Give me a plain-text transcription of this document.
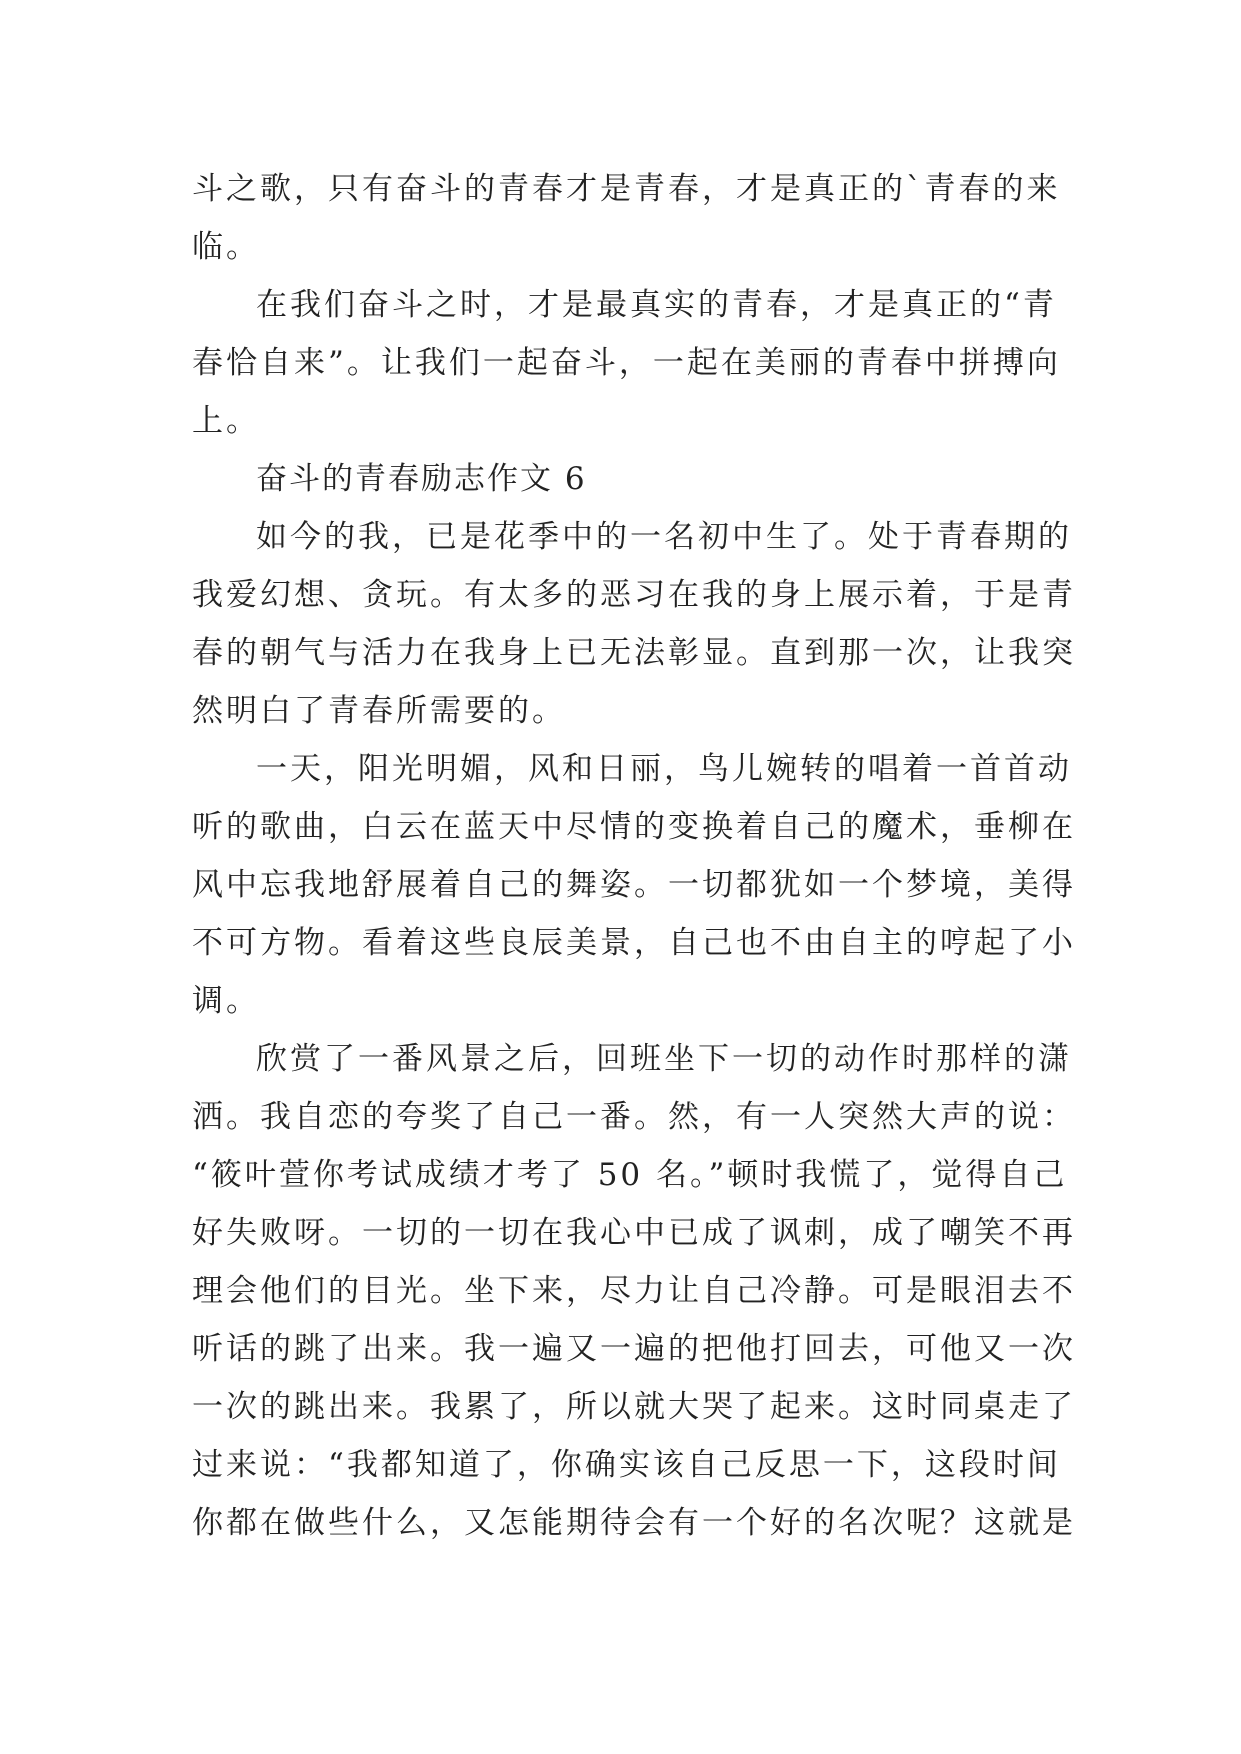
斗之歌，只有奋斗的青春才是青春，才是真正的`青春的来
临。
在我们奋斗之时，才是最真实的青春，才是真正的“青
春恰自来”。让我们一起奋斗，一起在美丽的青春中拼搏向
上。
奋斗的青春励志作文 6
如今的我，已是花季中的一名初中生了。处于青春期的
我爱幻想、贪玩。有太多的恶习在我的身上展示着，于是青
春的朝气与活力在我身上已无法彰显。直到那一次，让我突
然明白了青春所需要的。
一天，阳光明媚，风和日丽，鸟儿婉转的唱着一首首动
听的歌曲，白云在蓝天中尽情的变换着自己的魔术，垂柳在
风中忘我地舒展着自己的舞姿。一切都犹如一个梦境，美得
不可方物。看着这些良辰美景，自己也不由自主的哼起了小
调。
欣赏了一番风景之后，回班坐下一切的动作时那样的潇
洒。我自恋的夸奖了自己一番。然，有一人突然大声的说：
“筱叶萱你考试成绩才考了 50 名。”顿时我慌了，觉得自己
好失败呀。一切的一切在我心中已成了讽刺，成了嘲笑不再
理会他们的目光。坐下来，尽力让自己冷静。可是眼泪去不
听话的跳了出来。我一遍又一遍的把他打回去，可他又一次
一次的跳出来。我累了，所以就大哭了起来。这时同桌走了
过来说：“我都知道了，你确实该自己反思一下，这段时间
你都在做些什么，又怎能期待会有一个好的名次呢？这就是
